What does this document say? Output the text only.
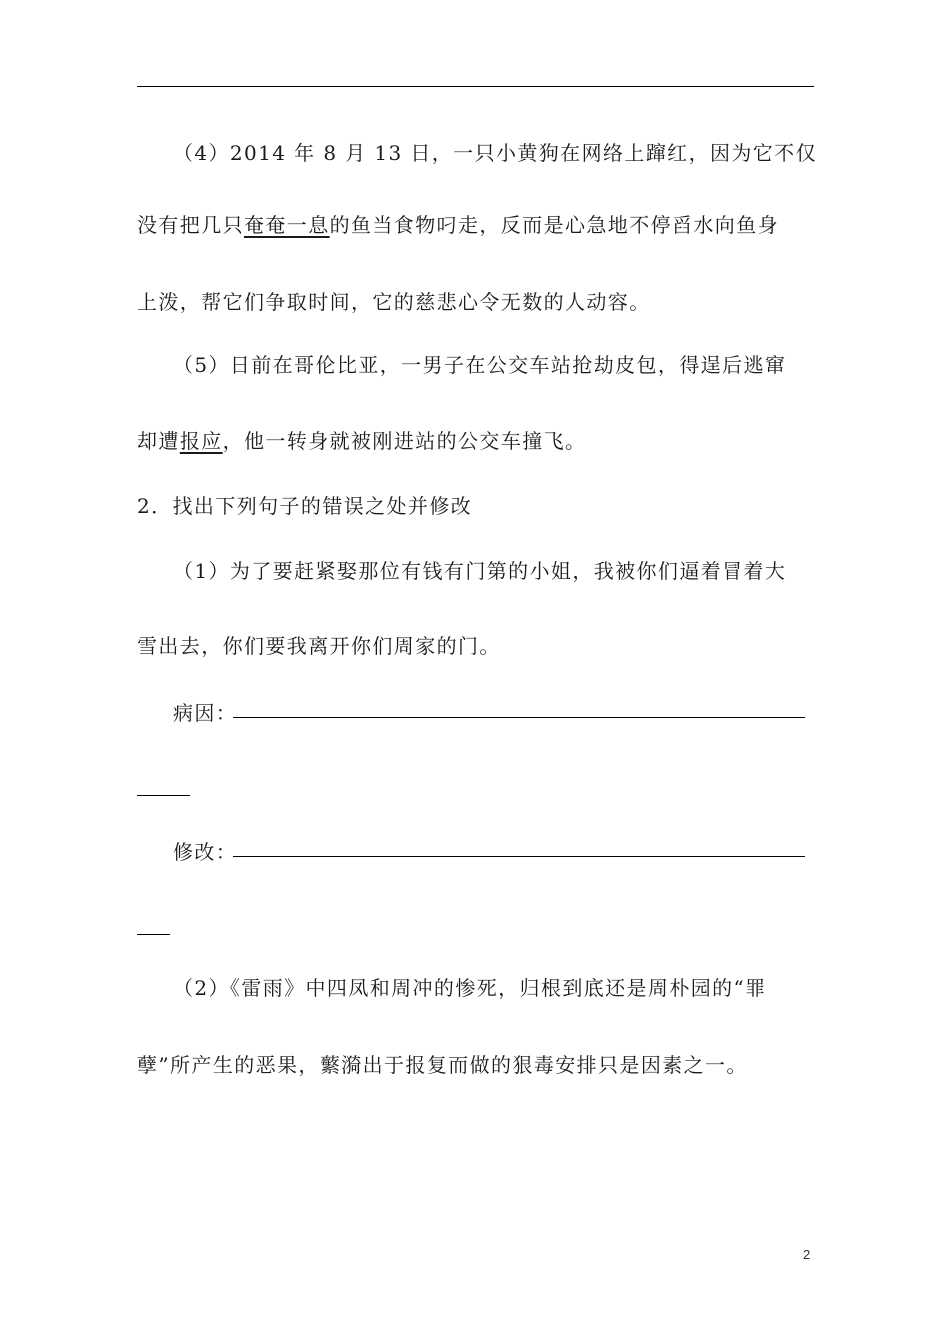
（4）2014 年 8 月 13 日，一只小黄狗在网络上蹿红，因为它不仅
没有把几只奄奄一息的鱼当食物叼走，反而是心急地不停舀水向鱼身
上泼，帮它们争取时间，它的慈悲心令无数的人动容。
（5）日前在哥伦比亚，一男子在公交车站抢劫皮包，得逞后逃窜
却遭报应，他一转身就被刚进站的公交车撞飞。
2．找出下列句子的错误之处并修改
（1）为了要赶紧娶那位有钱有门第的小姐，我被你们逼着冒着大
雪出去，你们要我离开你们周家的门。
病因：
修改：
（2）《雷雨》中四凤和周冲的惨死，归根到底还是周朴园的“罪
孽”所产生的恶果，蘩漪出于报复而做的狠毒安排只是因素之一。
2
